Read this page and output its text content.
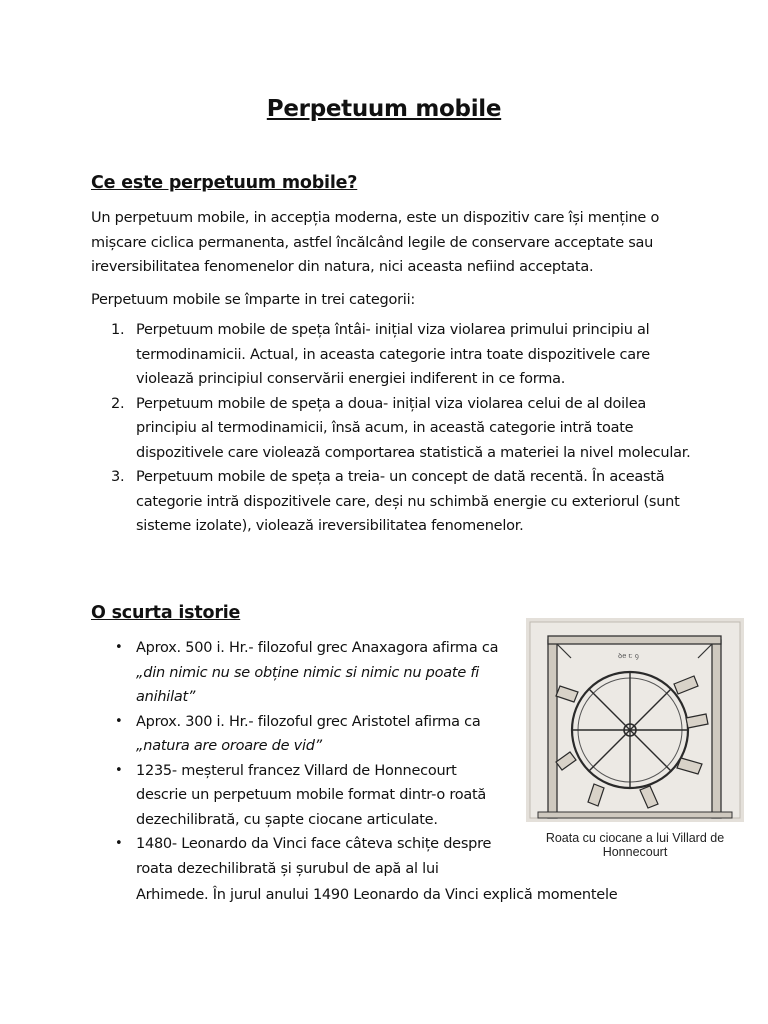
Perpetuum mobile
Ce este perpetuum mobile?

Un perpetuum mobile, in accepția moderna, este un dispozitiv care își menține o mișcare ciclica permanenta, astfel încălcând legile de conservare acceptate sau ireversibilitatea fenomenelor din natura, nici aceasta nefiind acceptata.

Perpetuum mobile se împarte in trei categorii:
1. Perpetuum mobile de speța întâi- inițial viza violarea primului principiu al termodinamicii. Actual, in aceasta categorie intra toate dispozitivele care violează principiul conservării energiei indiferent in ce forma.
2. Perpetuum mobile de speța a doua- inițial viza violarea celui de al doilea principiu al termodinamicii, însă acum, in această categorie intră toate dispozitivele care violează comportarea statistică a materiei la nivel molecular.
3. Perpetuum mobile de speța a treia- un concept de dată recentă. În această categorie intră dispozitivele care, deși nu schimbă energie cu exteriorul (sunt sisteme izolate), violează ireversibilitatea fenomenelor.
O scurta istorie
• Aprox. 500 i. Hr.- filozoful grec Anaxagora afirma ca „din nimic nu se obține nimic si nimic nu poate fi anihilat”
• Aprox. 300 i. Hr.- filozoful grec Aristotel afirma ca „natura are oroare de vid”
• 1235- meșterul francez Villard de Honnecourt descrie un perpetuum mobile format dintr-o roată dezechilibrată, cu șapte ciocane articulate.
• 1480- Leonardo da Vinci face câteva schițe despre roata dezechilibrată și șurubul de apă al lui
Arhimede. În jurul anului 1490 Leonardo da Vinci explică momentele
ꝺe ꞇ ꝯ
Roata cu ciocane a lui Villard de Honnecourt
